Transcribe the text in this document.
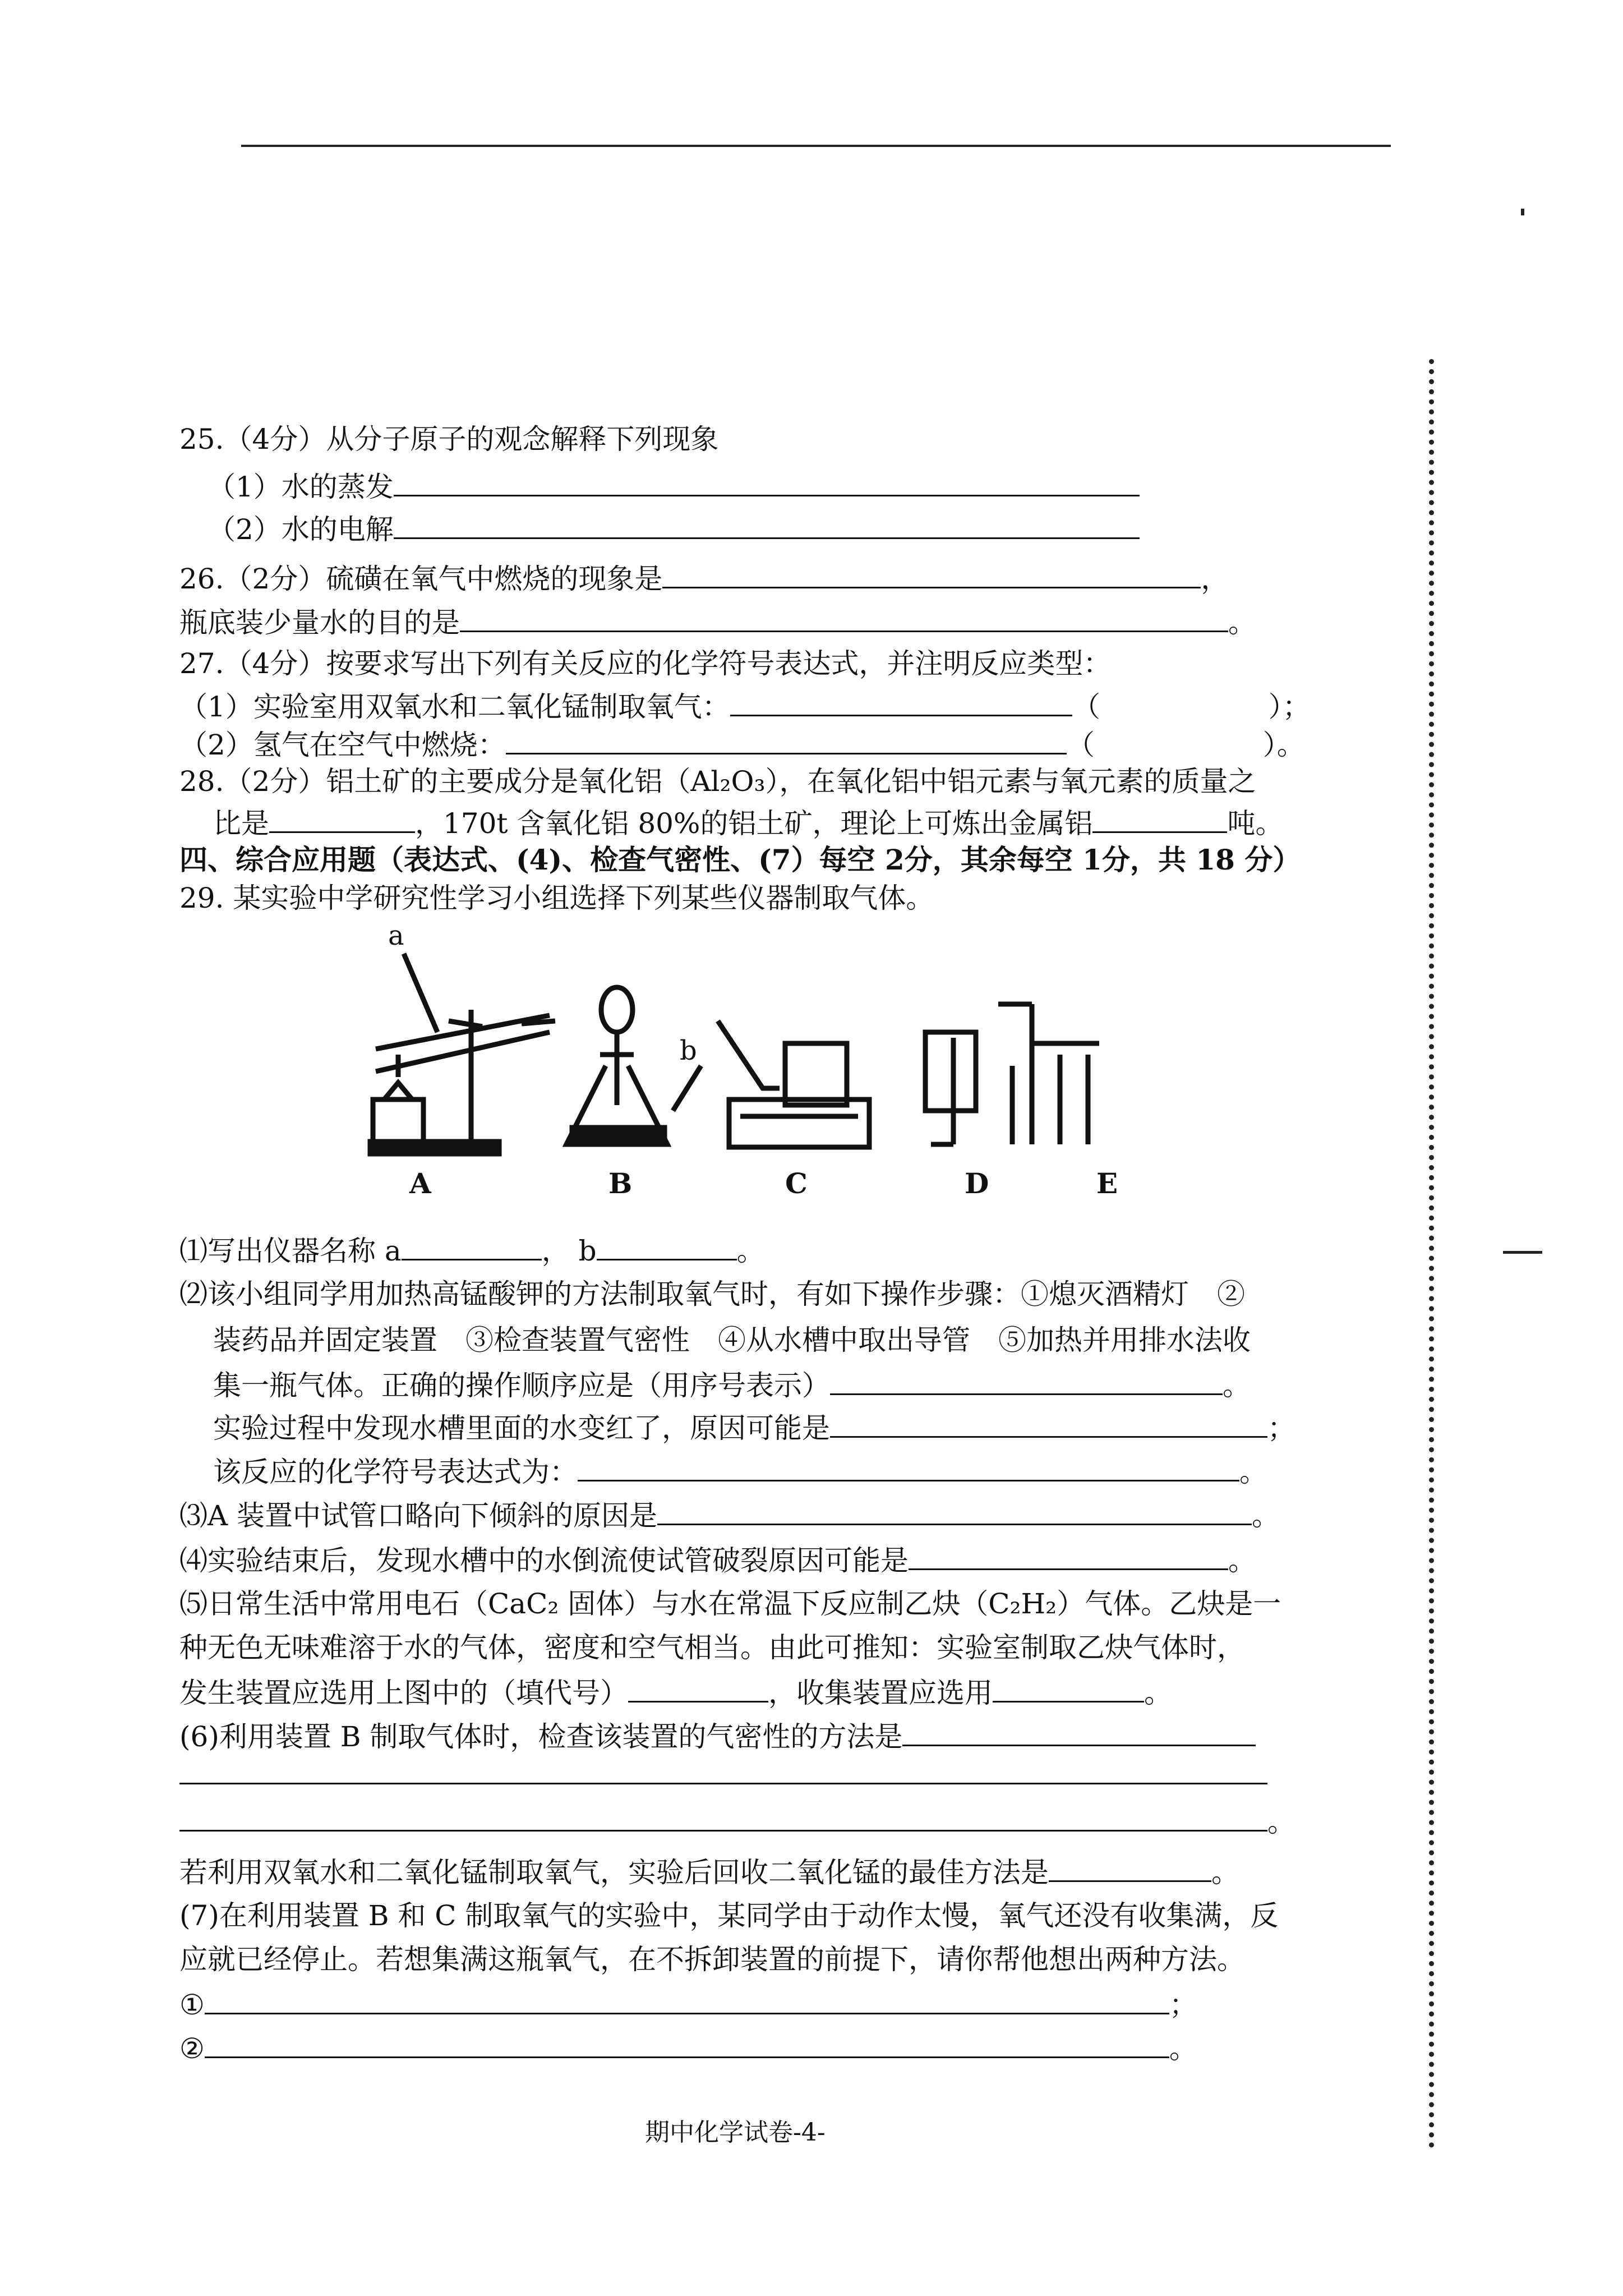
25.（4分）从分子原子的观念解释下列现象
（1）水的蒸发
（2）水的电解
26.（2分）硫磺在氧气中燃烧的现象是	，
瓶底装少量水的目的是	。
27.（4分）按要求写出下列有关反应的化学符号表达式，并注明反应类型：
（1）实验室用双氧水和二氧化锰制取氧气：	（　　　　　　）；
（2）氢气在空气中燃烧：	（　　　　　　）。
28.（2分）铝土矿的主要成分是氧化铝（Al₂O₃），在氧化铝中铝元素与氧元素的质量之
比是	，170t 含氧化铝 80%的铝土矿，理论上可炼出金属铝	吨。
四、综合应用题（表达式、(4)、检查气密性、(7）每空 2分，其余每空 1分，共 18 分）
29. 某实验中学研究性学习小组选择下列某些仪器制取气体。
a
b
A	B	C	D	E
⑴写出仪器名称 a	， b	。
⑵该小组同学用加热高锰酸钾的方法制取氧气时，有如下操作步骤：①熄灭酒精灯　②
装药品并固定装置　③检查装置气密性　④从水槽中取出导管　⑤加热并用排水法收
集一瓶气体。正确的操作顺序应是（用序号表示）	。
实验过程中发现水槽里面的水变红了，原因可能是	；
该反应的化学符号表达式为：	。
⑶A 装置中试管口略向下倾斜的原因是	。
⑷实验结束后，发现水槽中的水倒流使试管破裂原因可能是	。
⑸日常生活中常用电石（CaC₂ 固体）与水在常温下反应制乙炔（C₂H₂）气体。乙炔是一
种无色无味难溶于水的气体，密度和空气相当。由此可推知：实验室制取乙炔气体时，
发生装置应选用上图中的（填代号）	，收集装置应选用	。
(6)利用装置 B 制取气体时，检查该装置的气密性的方法是
。
若利用双氧水和二氧化锰制取氧气，实验后回收二氧化锰的最佳方法是	。
(7)在利用装置 B 和 C 制取氧气的实验中，某同学由于动作太慢，氧气还没有收集满，反
应就已经停止。若想集满这瓶氧气，在不拆卸装置的前提下，请你帮他想出两种方法。
①	；
②	。
期中化学试卷-4-
